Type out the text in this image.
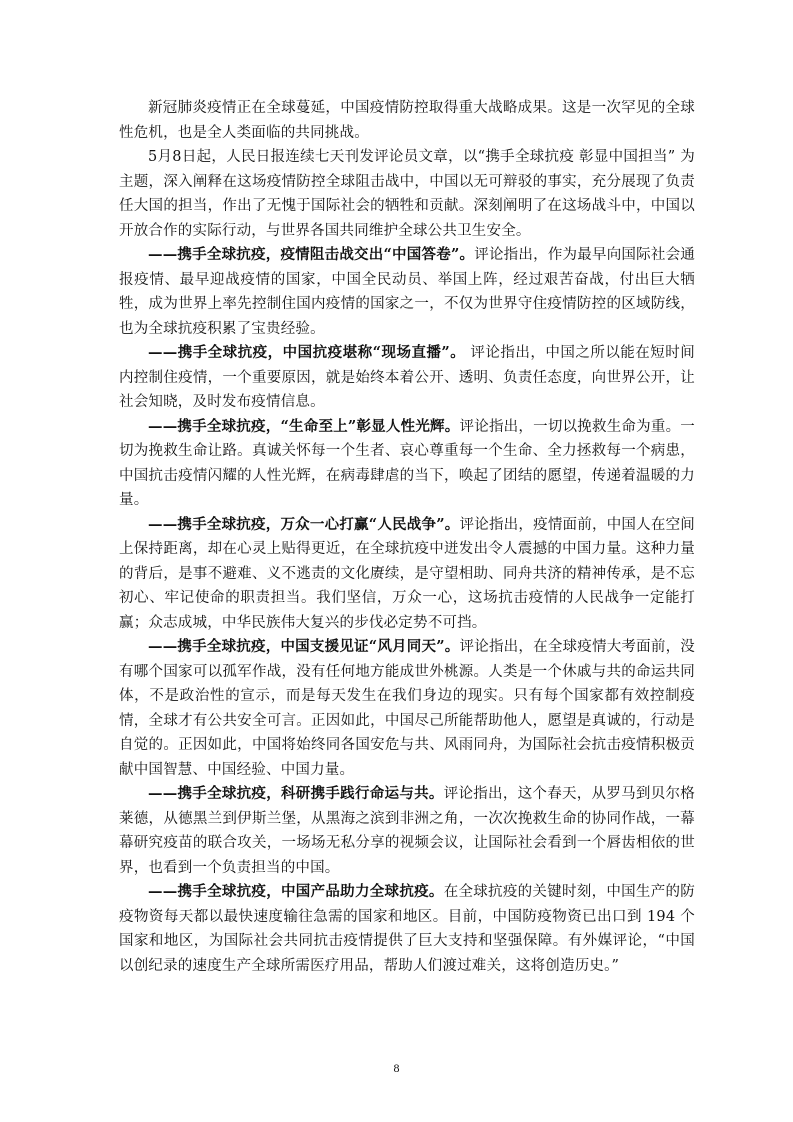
新冠肺炎疫情正在全球蔓延，中国疫情防控取得重大战略成果。这是一次罕见的全球性危机，也是全人类面临的共同挑战。

5月8日起，人民日报连续七天刊发评论员文章，以“携手全球抗疫 彰显中国担当” 为主题，深入阐释在这场疫情防控全球阻击战中，中国以无可辩驳的事实，充分展现了负责任大国的担当，作出了无愧于国际社会的牺牲和贡献。深刻阐明了在这场战斗中，中国以开放合作的实际行动，与世界各国共同维护全球公共卫生安全。

——携手全球抗疫，疫情阻击战交出“中国答卷”。评论指出，作为最早向国际社会通报疫情、最早迎战疫情的国家，中国全民动员、举国上阵，经过艰苦奋战，付出巨大牺牲，成为世界上率先控制住国内疫情的国家之一，不仅为世界守住疫情防控的区域防线，也为全球抗疫积累了宝贵经验。

——携手全球抗疫，中国抗疫堪称“现场直播”。 评论指出，中国之所以能在短时间内控制住疫情，一个重要原因，就是始终本着公开、透明、负责任态度，向世界公开，让社会知晓，及时发布疫情信息。

——携手全球抗疫，“生命至上”彰显人性光辉。评论指出，一切以挽救生命为重。一切为挽救生命让路。真诚关怀每一个生者、哀心尊重每一个生命、全力拯救每一个病患，中国抗击疫情闪耀的人性光辉，在病毒肆虐的当下，唤起了团结的愿望，传递着温暖的力量。

——携手全球抗疫，万众一心打赢“人民战争”。评论指出，疫情面前，中国人在空间上保持距离，却在心灵上贴得更近，在全球抗疫中迸发出令人震撼的中国力量。这种力量的背后，是事不避难、义不逃责的文化赓续，是守望相助、同舟共济的精神传承，是不忘初心、牢记使命的职责担当。我们坚信，万众一心，这场抗击疫情的人民战争一定能打赢；众志成城，中华民族伟大复兴的步伐必定势不可挡。

——携手全球抗疫，中国支援见证“风月同天”。评论指出，在全球疫情大考面前，没有哪个国家可以孤军作战，没有任何地方能成世外桃源。人类是一个休戚与共的命运共同体，不是政治性的宣示，而是每天发生在我们身边的现实。只有每个国家都有效控制疫情，全球才有公共安全可言。正因如此，中国尽己所能帮助他人，愿望是真诚的，行动是自觉的。正因如此，中国将始终同各国安危与共、风雨同舟，为国际社会抗击疫情积极贡献中国智慧、中国经验、中国力量。

——携手全球抗疫，科研携手践行命运与共。评论指出，这个春天，从罗马到贝尔格莱德，从德黑兰到伊斯兰堡，从黑海之滨到非洲之角，一次次挽救生命的协同作战，一幕幕研究疫苗的联合攻关，一场场无私分享的视频会议，让国际社会看到一个唇齿相依的世界，也看到一个负责担当的中国。

——携手全球抗疫，中国产品助力全球抗疫。在全球抗疫的关键时刻，中国生产的防疫物资每天都以最快速度输往急需的国家和地区。目前，中国防疫物资已出口到 194 个国家和地区，为国际社会共同抗击疫情提供了巨大支持和坚强保障。有外媒评论，“中国以创纪录的速度生产全球所需医疗用品，帮助人们渡过难关，这将创造历史。”

8
